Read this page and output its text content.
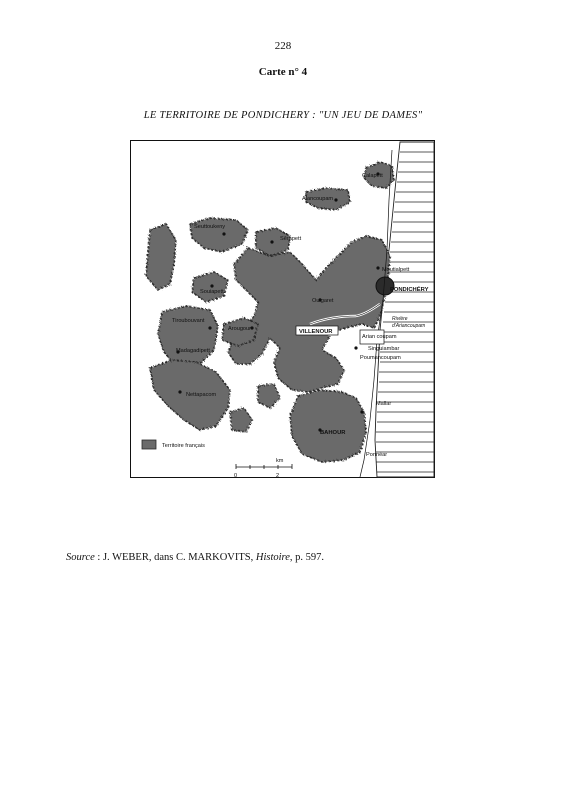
228
Carte n° 4
LE TERRITOIRE DE PONDICHERY : "UN JEU DE DAMES"
Calapett
Alancoupam
Seuttoukeny
Sêrapett
Souiapett
Tiroubouvant
Madagadipett
Arougour
Oulgaret
VILLENOUR
Moutialpett
PONDICHÉRY
Rivière
d'Ariancoupam
Arian coupam
Singuiambar
Poumancoupam
Nettapacom
BAHOUR
Mallar
Ponnéar
Territoire français
km
0	2
Source : J. WEBER, dans C. MARKOVITS, Histoire, p. 597.
